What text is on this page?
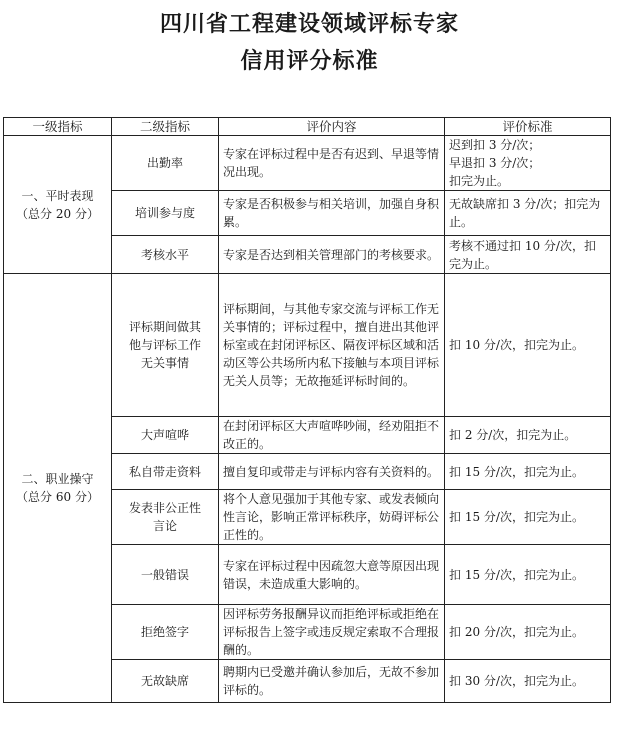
四川省工程建设领域评标专家
信用评分标准
一级指标	二级指标	评价内容	评价标准

一、平时表现
（总分 20 分）	出勤率	专家在评标过程中是否有迟到、早退等情况出现。	迟到扣 3 分/次；
早退扣 3 分/次；
扣完为止。

	培训参与度	专家是否积极参与相关培训，加强自身积累。	无故缺席扣 3 分/次；扣完为止。

	考核水平	专家是否达到相关管理部门的考核要求。	考核不通过扣 10 分/次，扣完为止。

二、职业操守
（总分 60 分）	评标期间做其
他与评标工作
无关事情	评标期间，与其他专家交流与评标工作无关事情的；评标过程中，擅自进出其他评标室或在封闭评标区、隔夜评标区域和活动区等公共场所内私下接触与本项目评标无关人员等；无故拖延评标时间的。	扣 10 分/次，扣完为止。

	大声喧哗	在封闭评标区大声喧哗吵闹，经劝阻拒不改正的。	扣 2 分/次，扣完为止。

	私自带走资料	擅自复印或带走与评标内容有关资料的。	扣 15 分/次，扣完为止。

	发表非公正性
言论	将个人意见强加于其他专家、或发表倾向性言论，影响正常评标秩序，妨碍评标公正性的。	扣 15 分/次，扣完为止。

	一般错误	专家在评标过程中因疏忽大意等原因出现错误，未造成重大影响的。	扣 15 分/次，扣完为止。

	拒绝签字	因评标劳务报酬异议而拒绝评标或拒绝在评标报告上签字或违反规定索取不合理报酬的。	扣 20 分/次，扣完为止。

	无故缺席	聘期内已受邀并确认参加后，无故不参加评标的。	扣 30 分/次，扣完为止。
